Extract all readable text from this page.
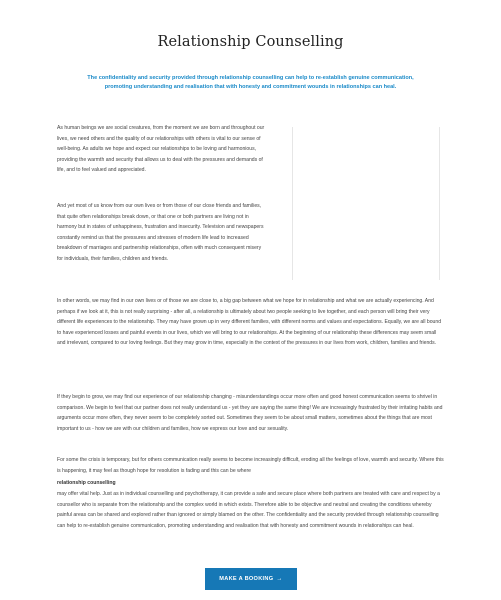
Relationship Counselling

The confidentiality and security provided through relationship counselling can help to re-establish genuine communication, promoting understanding and realisation that with honesty and commitment wounds in relationships can heal.

As human beings we are social creatures, from the moment we are born and throughout our lives, we need others and the quality of our relationships with others is vital to our sense of well-being. As adults we hope and expect our relationships to be loving and harmonious, providing the warmth and security that allows us to deal with the pressures and demands of life, and to feel valued and appreciated.

And yet most of us know from our own lives or from those of our close friends and families, that quite often relationships break down, or that one or both partners are living not in harmony but in states of unhappiness, frustration and insecurity. Television and newspapers constantly remind us that the pressures and stresses of modern life lead to increased breakdown of marriages and partnership relationships, often with much consequent misery for individuals, their families, children and friends.

In other words, we may find in our own lives or of those we are close to, a big gap between what we hope for in relationship and what we are actually experiencing. And perhaps if we look at it, this is not really surprising - after all, a relationship is ultimately about two people seeking to live together, and each person will bring their very different life experiences to the relationship. They may have grown up in very different families, with different norms and values and expectations. Equally, we are all bound to have experienced losses and painful events in our lives, which we will bring to our relationships. At the beginning of our relationship these differences may seem small and irrelevant, compared to our loving feelings. But they may grow in time, especially in the context of the pressures in our lives from work, children, families and friends.

If they begin to grow, we may find our experience of our relationship changing - misunderstandings occur more often and good honest communication seems to shrivel in comparison. We begin to feel that our partner does not really understand us - yet they are saying the same thing! We are increasingly frustrated by their irritating habits and arguments occur more often, they never seem to be completely sorted out. Sometimes they seem to be about small matters, sometimes about the things that are most important to us - how we are with our children and families, how we express our love and our sexuality.

For some the crisis is temporary, but for others communication really seems to become increasingly difficult, eroding all the feelings of love, warmth and security. Where this is happening, it may feel as though hope for resolution is fading and this can be where

relationship counselling

may offer vital help. Just as in individual counselling and psychotherapy, it can provide a safe and secure place where both partners are treated with care and respect by a counsellor who is separate from the relationship and the complex world in which exists. Therefore able to be objective and neutral and creating the conditions whereby painful areas can be shared and explored rather than ignored or simply blamed on the other. The confidentiality and the security provided through relationship counselling can help to re-establish genuine communication, promoting understanding and realisation that with honesty and commitment wounds in relationships can heal.

MAKE A BOOKING →
